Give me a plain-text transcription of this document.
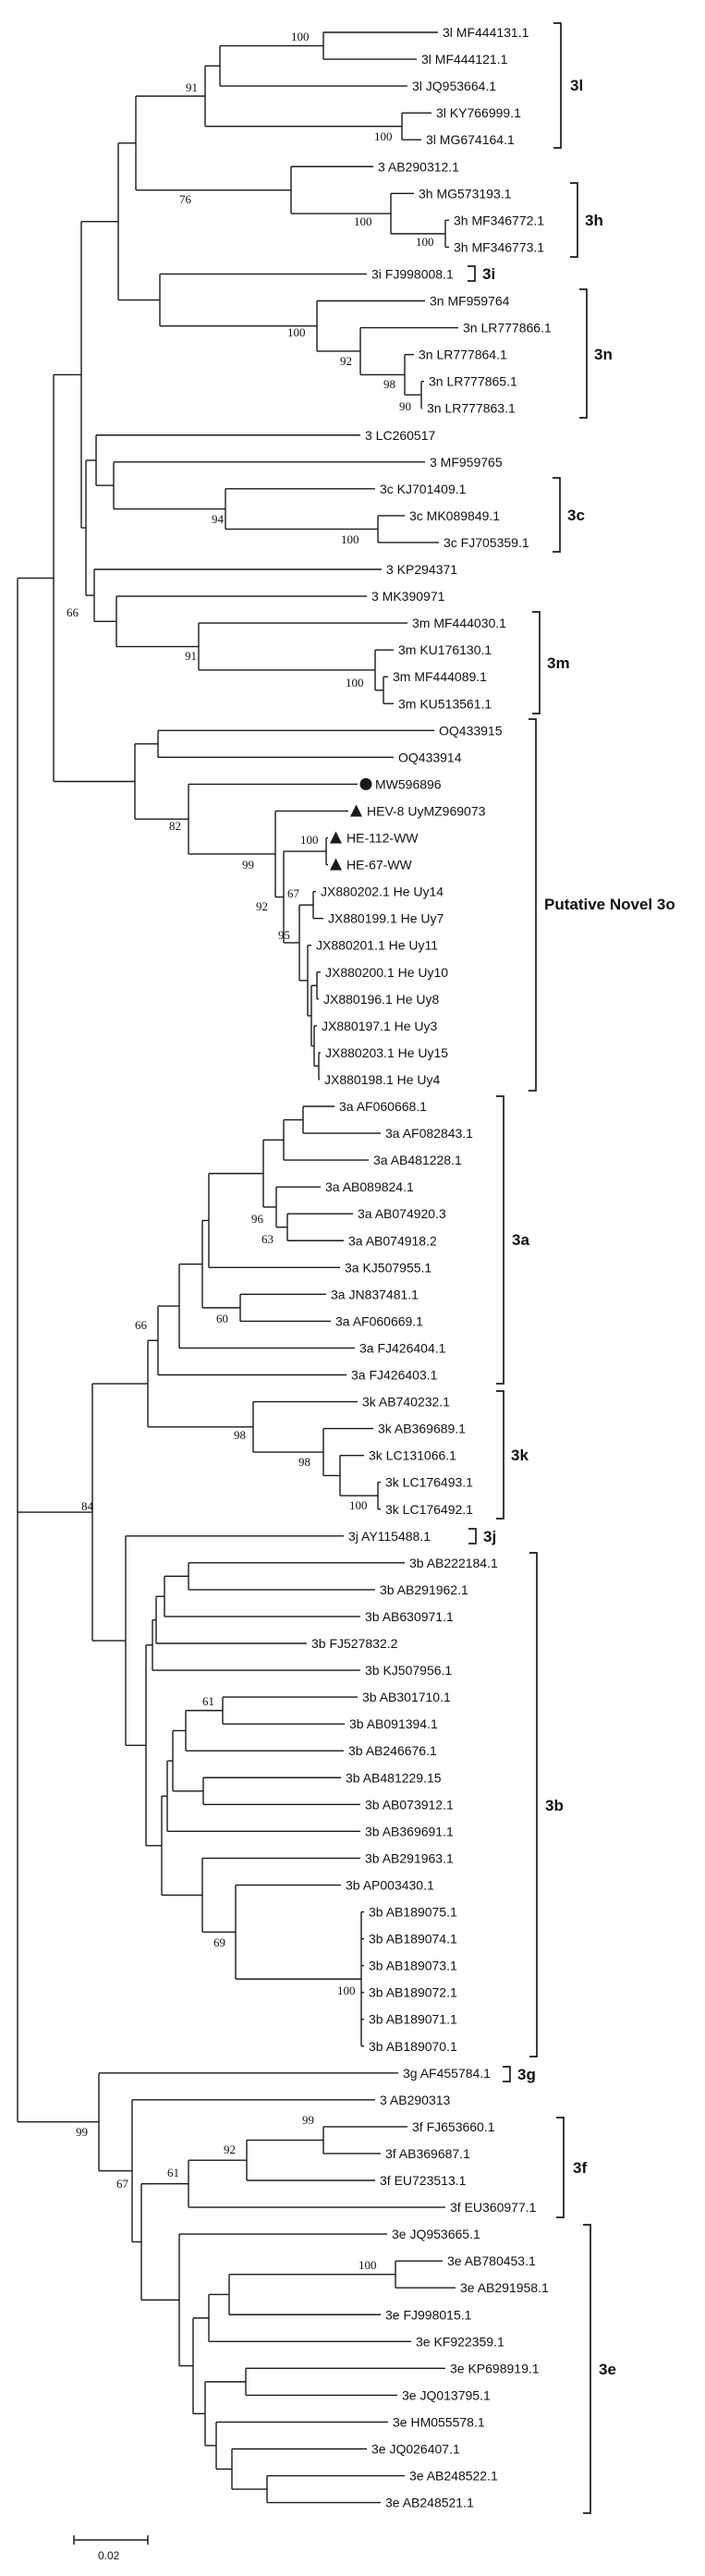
0.02
3l MF444131.1
3l MF444121.1
3l JQ953664.1
3l KY766999.1
3l MG674164.1
3 AB290312.1
3h MG573193.1
3h MF346772.1
3h MF346773.1
3i FJ998008.1
3n MF959764
3n LR777866.1
3n LR777864.1
3n LR777865.1
3n LR777863.1
3 LC260517
3 MF959765
3c KJ701409.1
3c MK089849.1
3c FJ705359.1
3 KP294371
3 MK390971
3m MF444030.1
3m KU176130.1
3m MF444089.1
3m KU513561.1
OQ433915
OQ433914
MW596896
HEV-8 UyMZ969073
HE-112-WW
HE-67-WW
JX880202.1 He Uy14
JX880199.1 He Uy7
JX880201.1 He Uy11
JX880200.1 He Uy10
JX880196.1 He Uy8
JX880197.1 He Uy3
JX880203.1 He Uy15
JX880198.1 He Uy4
3a AF060668.1
3a AF082843.1
3a AB481228.1
3a AB089824.1
3a AB074920.3
3a AB074918.2
3a KJ507955.1
3a JN837481.1
3a AF060669.1
3a FJ426404.1
3a FJ426403.1
3k AB740232.1
3k AB369689.1
3k LC131066.1
3k LC176493.1
3k LC176492.1
3j AY115488.1
3b AB222184.1
3b AB291962.1
3b AB630971.1
3b FJ527832.2
3b KJ507956.1
3b AB301710.1
3b AB091394.1
3b AB246676.1
3b AB481229.15
3b AB073912.1
3b AB369691.1
3b AB291963.1
3b AP003430.1
3b AB189075.1
3b AB189074.1
3b AB189073.1
3b AB189072.1
3b AB189071.1
3b AB189070.1
3g AF455784.1
3 AB290313
3f FJ653660.1
3f AB369687.1
3f EU723513.1
3f EU360977.1
3e JQ953665.1
3e AB780453.1
3e AB291958.1
3e FJ998015.1
3e KF922359.1
3e KP698919.1
3e JQ013795.1
3e HM055578.1
3e JQ026407.1
3e AB248522.1
3e AB248521.1
100
91
100
76
100
100
100
92
98
90
94
100
66
91
100
82
99
100
67
92
95
96
63
66	60
84
98
98
100
61
69
100
99
99
92
61
67
100
3l
3h
3i
3n
3c
3m
Putative Novel 3o
3a
3k
3j
3b
3g
3f
3e
